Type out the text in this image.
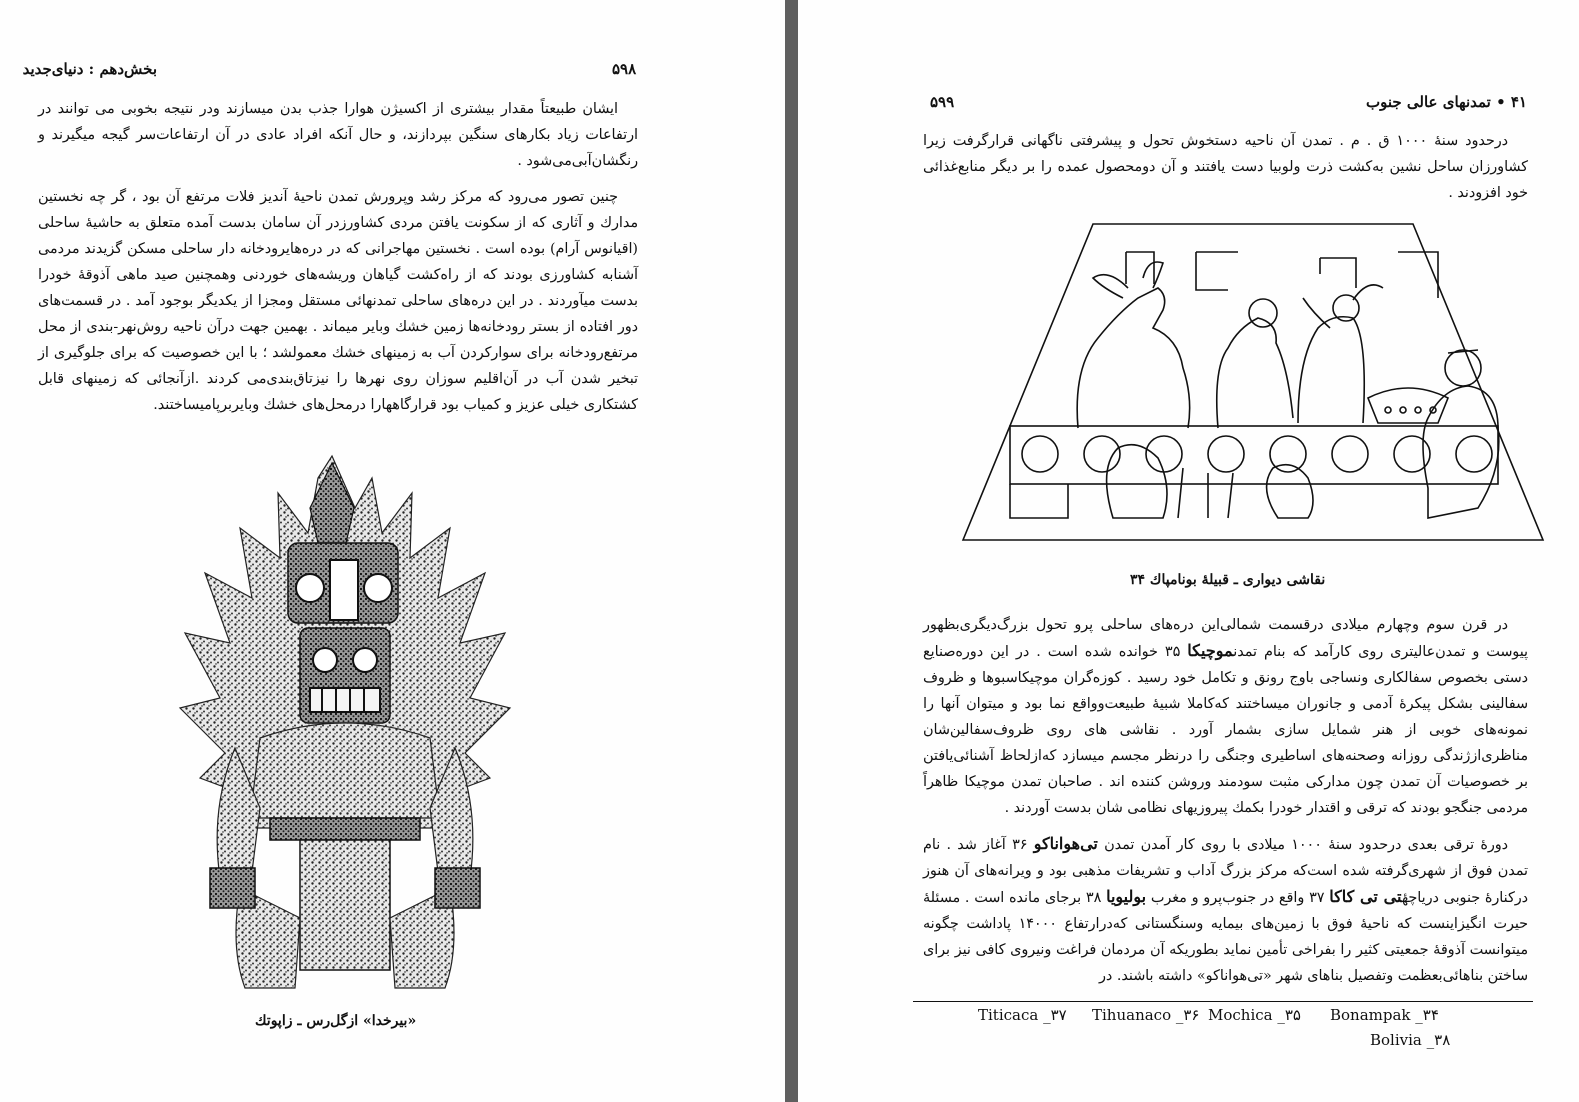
بخش‌دهم : دنیای‌جدید	۵۹۸

ایشان طبیعتاً مقدار بیشتری از اکسیژن هوارا جذب بدن میسازند ودر نتیجه بخوبی می توانند در ارتفاعات زیاد بکارهای سنگین بپردازند، و حال آنکه افراد عادی در آن ارتفاعات‌سر گیجه میگیرند و رنگشان‌آبی‌می‌شود .

چنین تصور می‌رود که مرکز رشد وپرورش تمدن ناحیهٔ آندیز فلات مرتفع آن بود ، گر چه نخستین مدارك و آثاری که از سکونت یافتن مردی کشاورزدر آن سامان بدست آمده متعلق به حاشیهٔ ساحلی (اقیانوس آرام) بوده است . نخستین مهاجرانی که در دره‌هایرودخانه دار ساحلی مسکن گزیدند مردمی آشنابه کشاورزی بودند که از راه‌کشت گیاهان وریشه‌های خوردنی وهمچنین صید ماهی آذوقهٔ خودرا بدست میآوردند . در این دره‌های ساحلی تمدنهائی مستقل ومجزا از یکدیگر بوجود آمد . در قسمت‌های دور افتاده از بستر رودخانه‌ها زمین خشك وبایر میماند . بهمین جهت درآن ناحیه روش‌نهر-بندی از محل مرتفع‌رودخانه برای سوارکردن آب به زمینهای خشك معمولشد ؛ با این خصوصیت که برای جلوگیری از تبخیر شدن آب در آن‌اقلیم سوزان روی نهرها را نیزتاق‌بندی‌می کردند .ازآنجائی که زمینهای قابل کشتکاری خیلی عزیز و کمیاب بود قرارگاههارا درمحل‌های خشك وبایربرپامیساختند.

«بیرخدا» ازگل‌رس ـ زاپوتك
۴۱ • تمدنهای عالی جنوب
۵۹۹

درحدود سنهٔ ۱۰۰۰ ق . م . تمدن آن ناحیه دستخوش تحول و پیشرفتی ناگهانی قرارگرفت زیرا کشاورزان ساحل نشین به‌کشت ذرت ولوبیا دست یافتند و آن دومحصول عمده را بر دیگر منابع‌غذائی خود افزودند .

نقاشی دیواری ـ قبیلهٔ بونامپاك ۳۴

در قرن سوم وچهارم میلادی درقسمت شمالی‌این دره‌های ساحلی پرو تحول بزرگ‌دیگری‌بظهور پیوست و تمدن‌عالیتری روی کارآمد که بنام تمدنموچیکا ۳۵ خوانده شده است . در این دوره‌صنایع دستی بخصوص سفالکاری ونساجی باوج رونق و تکامل خود رسید . کوزه‌گران موچیکاسبوها و ظروف سفالینی بشکل پیکرهٔ آدمی و جانوران میساختند که‌کاملا شبیهٔ طبیعت‌وواقع نما بود و میتوان آنها را نمونه‌های خوبی از هنر شمایل سازی بشمار آورد . نقاشی های روی ظروف‌سفالین‌شان مناظری‌ازژندگی روزانه وصحنه‌های اساطیری وجنگی را درنظر مجسم میسازد که‌ازلحاظ آشنائی‌یافتن بر خصوصیات آن تمدن چون مدارکی مثبت سودمند وروشن کننده اند . صاحبان تمدن موچیکا ظاهراً مردمی جنگجو بودند که ترقی و اقتدار خودرا بکمك پیروزیهای نظامی شان بدست آوردند .

دورهٔ ترقی بعدی درحدود سنهٔ ۱۰۰۰ میلادی با روی کار آمدن تمدن تی‌هواناکو ۳۶ آغاز شد . نام تمدن فوق از شهری‌گرفته شده است‌که مرکز بزرگ آداب و تشریفات مذهبی بود و ویرانه‌های آن هنوز درکنارهٔ جنوبی دریاچهٔتی تی کاکا ۳۷ واقع در جنوب‌پرو و مغرب بولیویا ۳۸ برجای مانده است . مسئلهٔ حیرت انگیزاینست که ناحیهٔ فوق با زمین‌های بیمایه وسنگستانی که‌درارتفاع ۱۴۰۰۰ پاداشت چگونه میتوانست آذوقهٔ جمعیتی کثیر را بفراخی تأمین نماید بطوریکه آن مردمان فراغت ونیروی کافی نیز برای ساختن بناهائی‌بعظمت وتفصیل بناهای شهر «تی‌هواناکو» داشته باشند. در

Bonampak _۳۴
Mochica _۳۵
Tihuanaco _۳۶
Titicaca _۳۷
Bolivia _۳۸
